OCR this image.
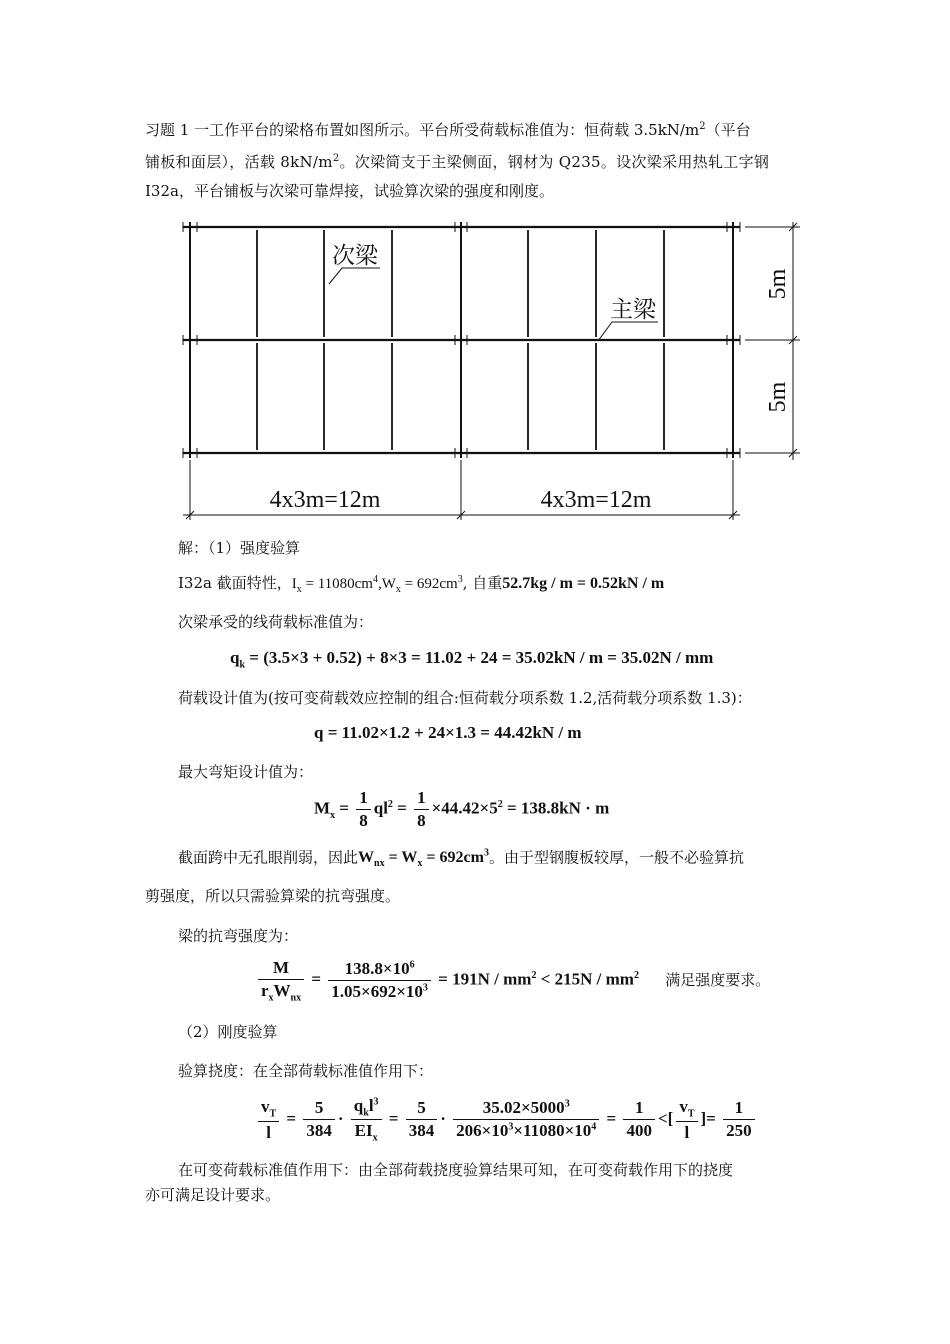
习题 1 一工作平台的梁格布置如图所示。平台所受荷载标准值为：恒荷载 $3.5kN/m^2$（平台
铺板和面层），活载 $8kN/m^2$。次梁简支于主梁侧面，钢材为 Q235。设次梁采用热轧工字钢
I32a，平台铺板与次梁可靠焊接，试验算次梁的强度和刚度。
次梁
主梁
5m
5m
4x3m=12m	4x3m=12m
解：（1）强度验算
I32a 截面特性，$I_x = 11080cm^4,W_x = 692cm^3$, 自重52.7kg / m = 0.52kN / m
次梁承受的线荷载标准值为：
$q_k = (3.5\times 3 + 0.52) + 8\times 3 = 11.02 + 24 = 35.02kN / m = 35.02N$ / mm
荷载设计值为(按可变荷载效应控制的组合:恒荷载分项系数 1.2,活荷载分项系数 1.3)：
q = 11.02×1.2 + 24×1.3 = 44.42kN / m
最大弯矩设计值为：
$M_x = \frac{1}{8} ql^2 = \frac{1}{8} \times 44.42\times 5^2 = 138.8kN \cdot m$
截面跨中无孔眼削弱，因此$W_{nx} = W_x = 692cm^3$。由于型钢腹板较厚，一般不必验算抗
剪强度，所以只需验算梁的抗弯强度。
梁的抗弯强度为：
$\frac{M}{r_xW_{nx}} = \frac{138.8\times 10^6}{1.05\times 692\times 10^3} = 191N / mm^2 < 215N / mm^2$ 满足强度要求。
（2）刚度验算
验算挠度：在全部荷载标准值作用下：
$\frac{v_T}{l} = \frac{5}{384} \cdot \frac{q_kl^3}{EI_x} = \frac{5}{384} \cdot \frac{35.02\times 5000^3}{206\times 10^3\times 11080\times 10^4} = \frac{1}{400}$ <[ $\frac{v_T}{l}$ ]= $\frac{1}{250}$
在可变荷载标准值作用下：由全部荷载挠度验算结果可知，在可变荷载作用下的挠度
亦可满足设计要求。
